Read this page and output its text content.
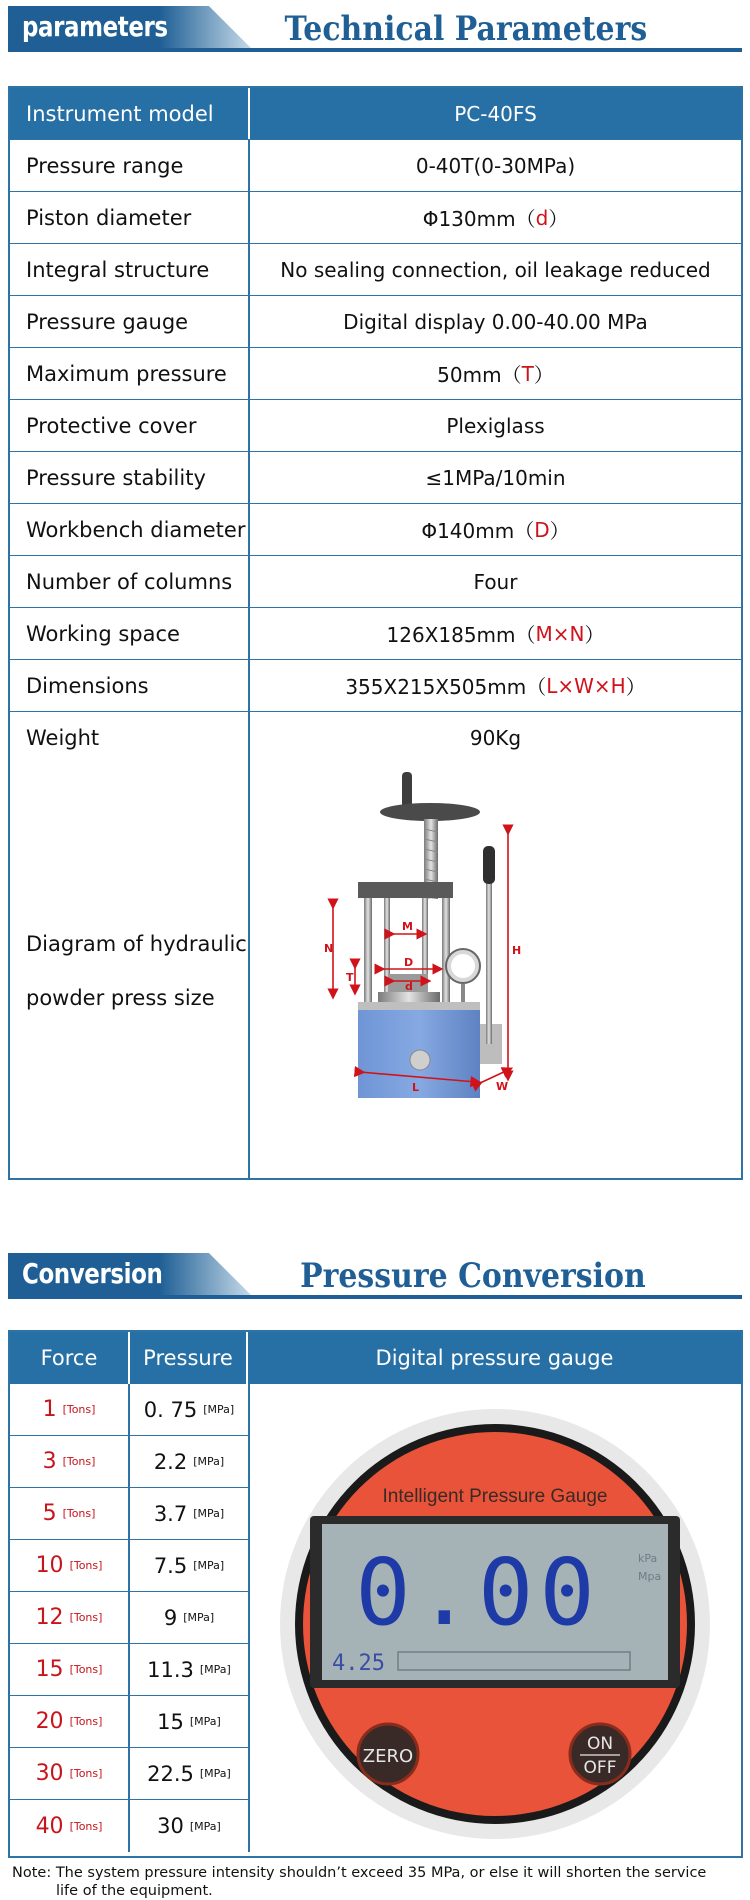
parameters	Technical Parameters
Instrument model	PC-40FS
Pressure range	0-40T(0-30MPa)
Piston diameter	Φ130mm（ d ）
Integral structure	No sealing connection, oil leakage reduced
Pressure gauge	Digital display 0.00-40.00 MPa
Maximum pressure	50mm（ T ）
Protective cover	Plexiglass
Pressure stability	≤1MPa/10min
Workbench diameter	Φ140mm（ D ）
Number of columns	Four
Working space	126X185mm（ M×N ）
Dimensions	355X215X505mm（ L×W×H ）
Weight	90Kg
Diagram of hydraulic
powder press size
N
M
H
T
D
d
L	W
Conversion	Pressure Conversion
Force	Pressure	Digital pressure gauge
1 [Tons] 0. 75 [MPa]
3 [Tons]	2.2 [MPa]
5 [Tons]	3.7 [MPa]
10 [Tons] 7.5 [MPa]
12 [Tons]	9 [MPa]
15 [Tons] 11.3 [MPa]
20 [Tons]	15 [MPa]
30 [Tons] 22.5 [MPa]
40 [Tons]	30 [MPa]
Intelligent Pressure Gauge
0.00	kPa
Mpa
4.25
ZERO
ON
OFF
Note: The system pressure intensity shouldn’t exceed 35 MPa, or else it will shorten the service
life of the equipment.
